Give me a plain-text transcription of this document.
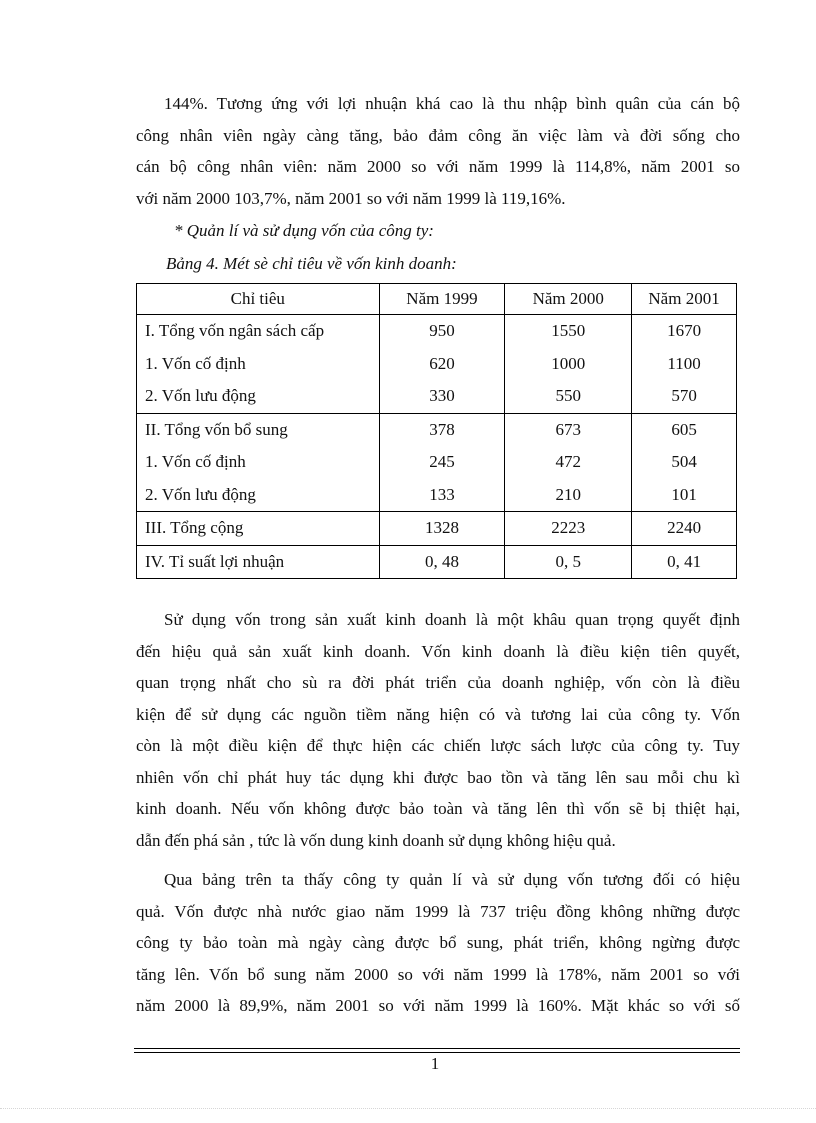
144%. Tương ứng với lợi nhuận khá cao là thu nhập bình quân của cán bộ
công nhân viên ngày càng tăng, bảo đảm công ăn việc làm và đời sống cho
cán bộ công nhân viên: năm 2000 so với năm 1999 là 114,8%, năm 2001 so
với năm 2000 103,7%, năm 2001 so với năm 1999 là 119,16%.

* Quản lí và sử dụng vốn của công ty:

Bảng 4. Mét sè chỉ tiêu về vốn kinh doanh:

Chỉ tiêu	Năm 1999	Năm 2000	Năm 2001
I. Tổng vốn ngân sách cấp	950	1550	1670
1. Vốn cố định	620	1000	1100
2. Vốn lưu động	330	550	570
II. Tổng vốn bổ sung	378	673	605
1. Vốn cố định	245	472	504
2. Vốn lưu động	133	210	101
III. Tổng cộng	1328	2223	2240
IV. Tỉ suất lợi nhuận	0, 48	0, 5	0, 41
Sử dụng vốn trong sản xuất kinh doanh là một khâu quan trọng quyết định
đến hiệu quả sản xuất kinh doanh. Vốn kinh doanh là điều kiện tiên quyết,
quan trọng nhất cho sù ra đời phát triển của doanh nghiệp, vốn còn là điều
kiện để sử dụng các nguồn tiềm năng hiện có và tương lai của công ty. Vốn
còn là một điều kiện để thực hiện các chiến lược sách lược của công ty. Tuy
nhiên vốn chỉ phát huy tác dụng khi được bao tồn và tăng lên sau mỗi chu kì
kinh doanh. Nếu vốn không được bảo toàn và tăng lên thì vốn sẽ bị thiệt hại,
dẫn đến phá sản , tức là vốn dung kinh doanh sử dụng không hiệu quả.
Qua bảng trên ta thấy công ty quản lí và sử dụng vốn tương đối có hiệu
quả. Vốn được nhà nước giao năm 1999 là 737 triệu đồng không những được
công ty bảo toàn mà ngày càng được bổ sung, phát triển, không ngừng được
tăng lên. Vốn bổ sung năm 2000 so với năm 1999 là 178%, năm 2001 so với
năm 2000 là 89,9%, năm 2001 so với năm 1999 là 160%. Mặt khác so với số
1
